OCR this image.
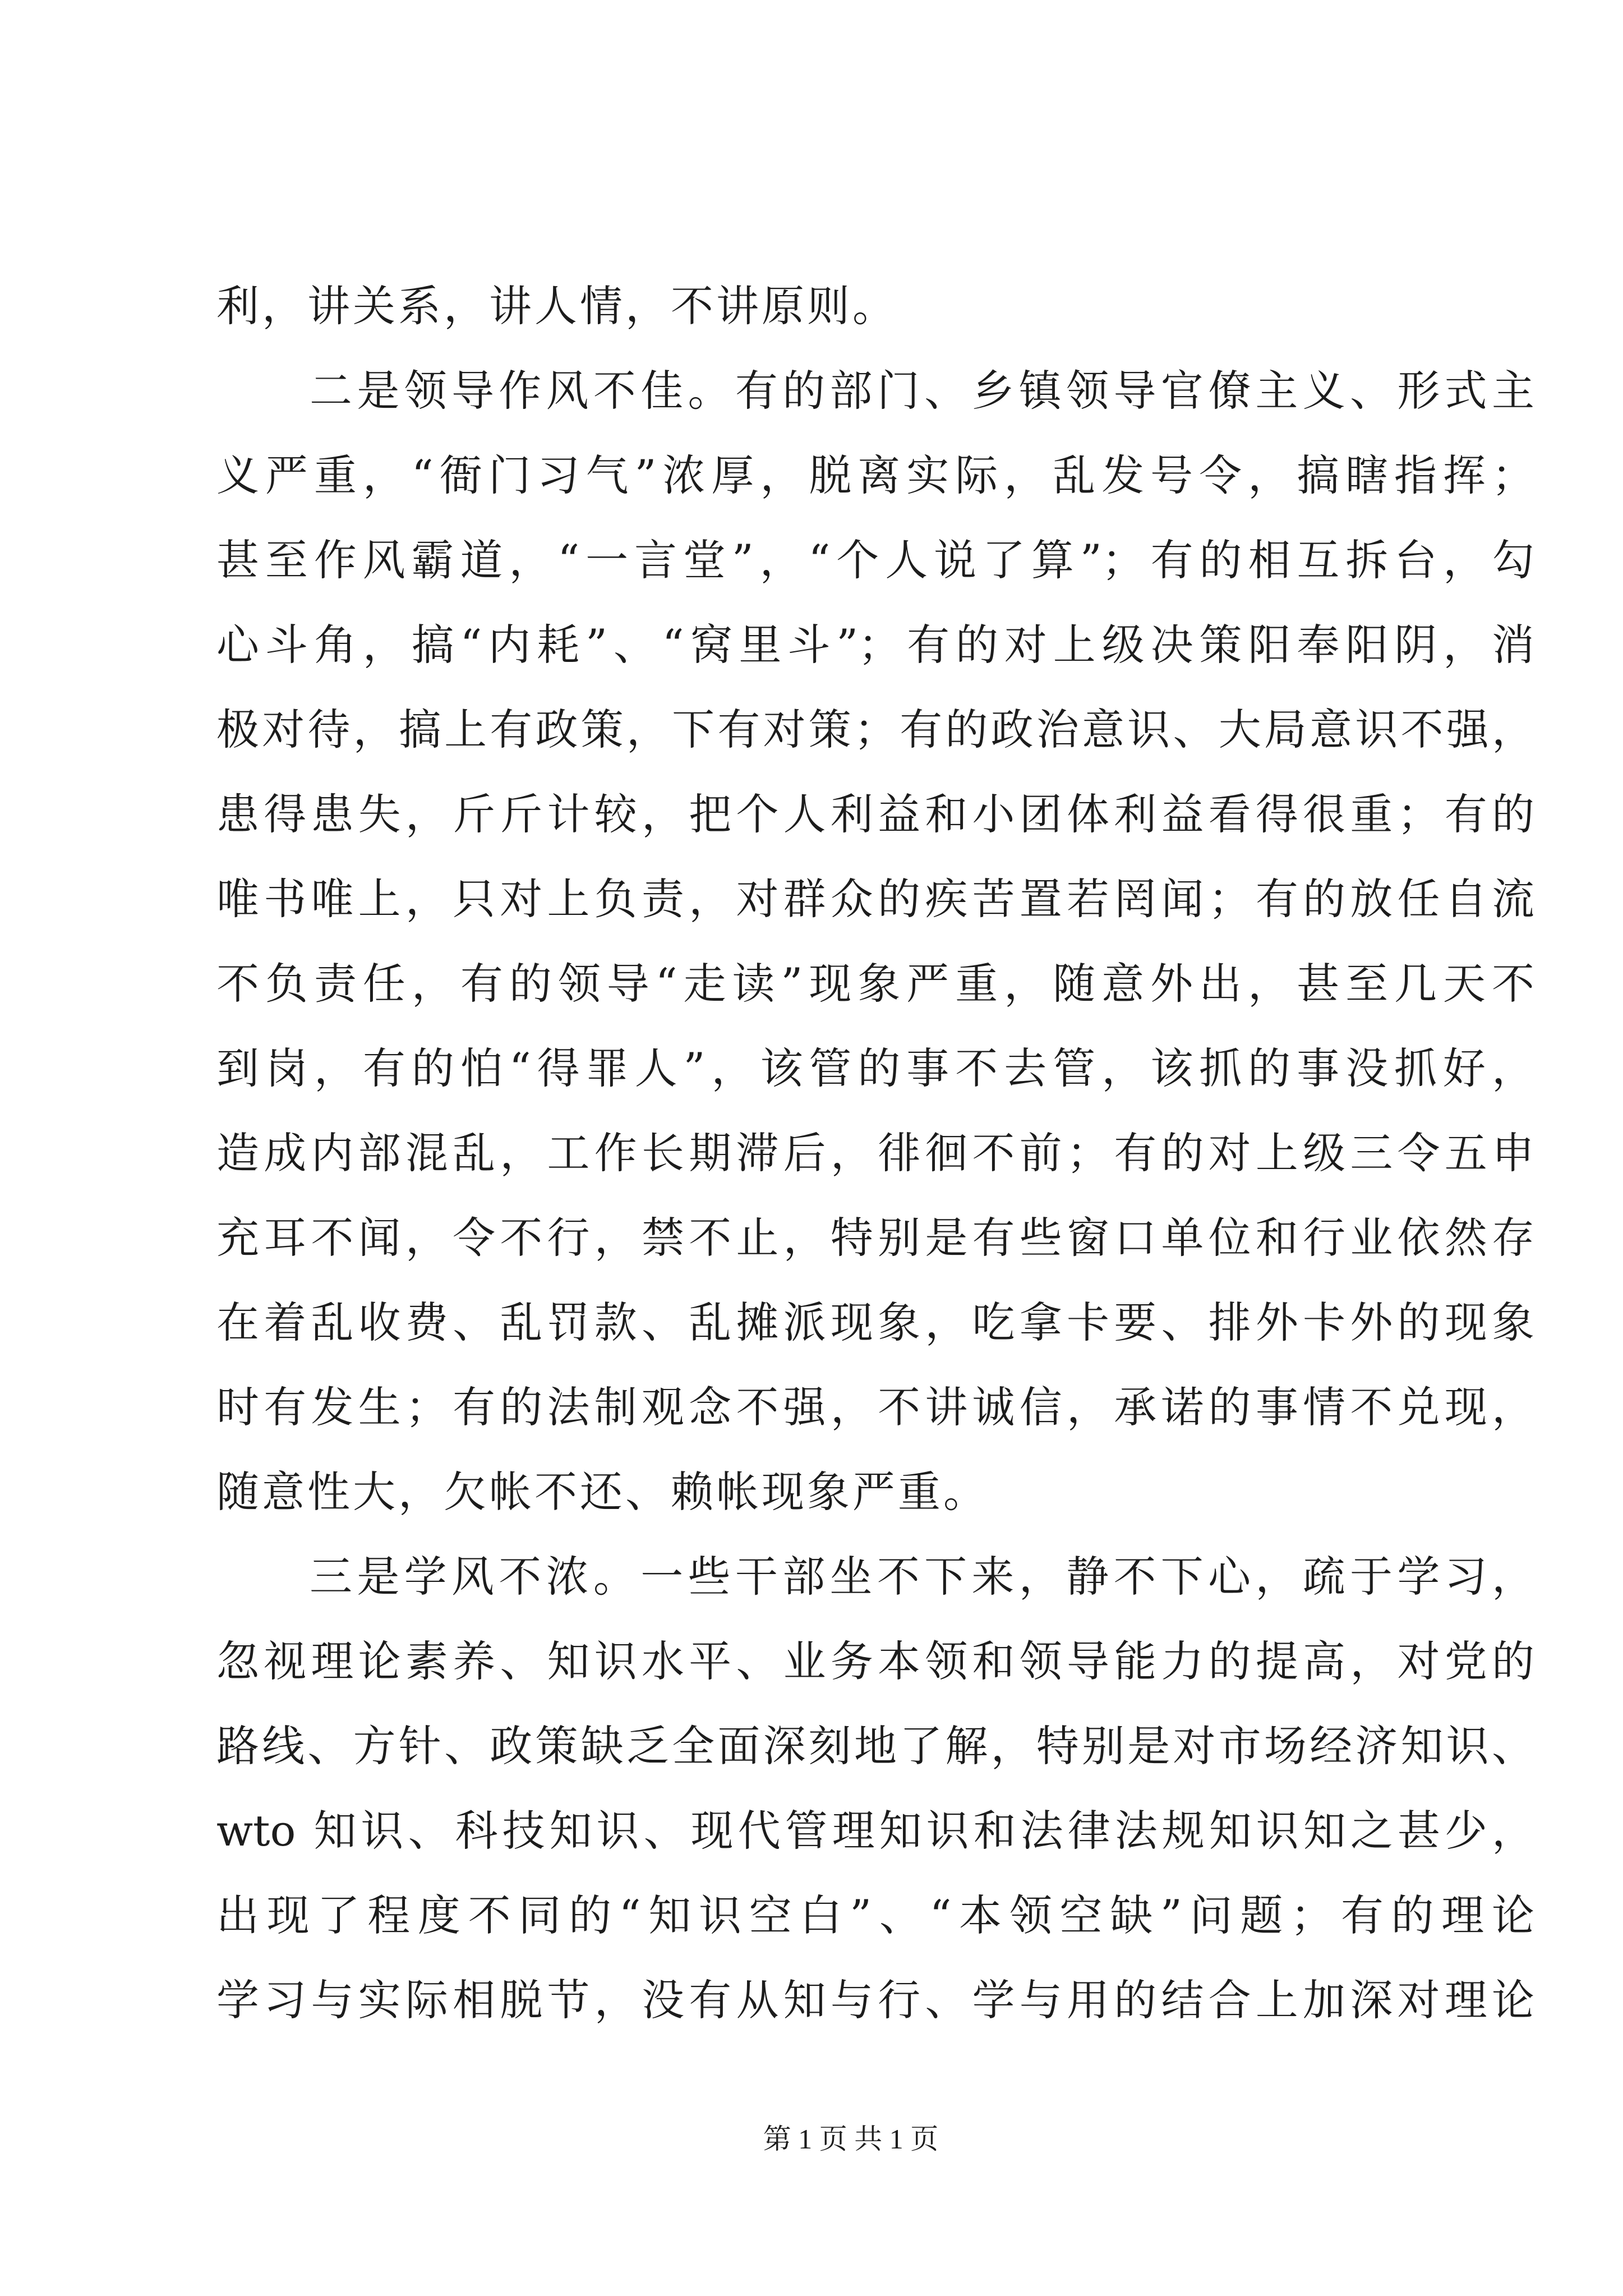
利，讲关系，讲人情，不讲原则。
二是领导作风不佳。有的部门、乡镇领导官僚主义、形式主
义严重，“衙门习气”浓厚，脱离实际，乱发号令，搞瞎指挥；
甚至作风霸道，“一言堂”，“个人说了算”；有的相互拆台，勾
心斗角，搞“内耗”、“窝里斗”；有的对上级决策阳奉阳阴，消
极对待，搞上有政策，下有对策；有的政治意识、大局意识不强，
患得患失，斤斤计较，把个人利益和小团体利益看得很重；有的
唯书唯上，只对上负责，对群众的疾苦置若罔闻；有的放任自流
不负责任，有的领导“走读”现象严重，随意外出，甚至几天不
到岗，有的怕“得罪人”，该管的事不去管，该抓的事没抓好，
造成内部混乱，工作长期滞后，徘徊不前；有的对上级三令五申
充耳不闻，令不行，禁不止，特别是有些窗口单位和行业依然存
在着乱收费、乱罚款、乱摊派现象，吃拿卡要、排外卡外的现象
时有发生；有的法制观念不强，不讲诚信，承诺的事情不兑现，
随意性大，欠帐不还、赖帐现象严重。
三是学风不浓。一些干部坐不下来，静不下心，疏于学习，
忽视理论素养、知识水平、业务本领和领导能力的提高，对党的
路线、方针、政策缺乏全面深刻地了解，特别是对市场经济知识、
wto 知识、科技知识、现代管理知识和法律法规知识知之甚少，
出现了程度不同的“知识空白”、“本领空缺”问题；有的理论
学习与实际相脱节，没有从知与行、学与用的结合上加深对理论
第 1 页 共 1 页
